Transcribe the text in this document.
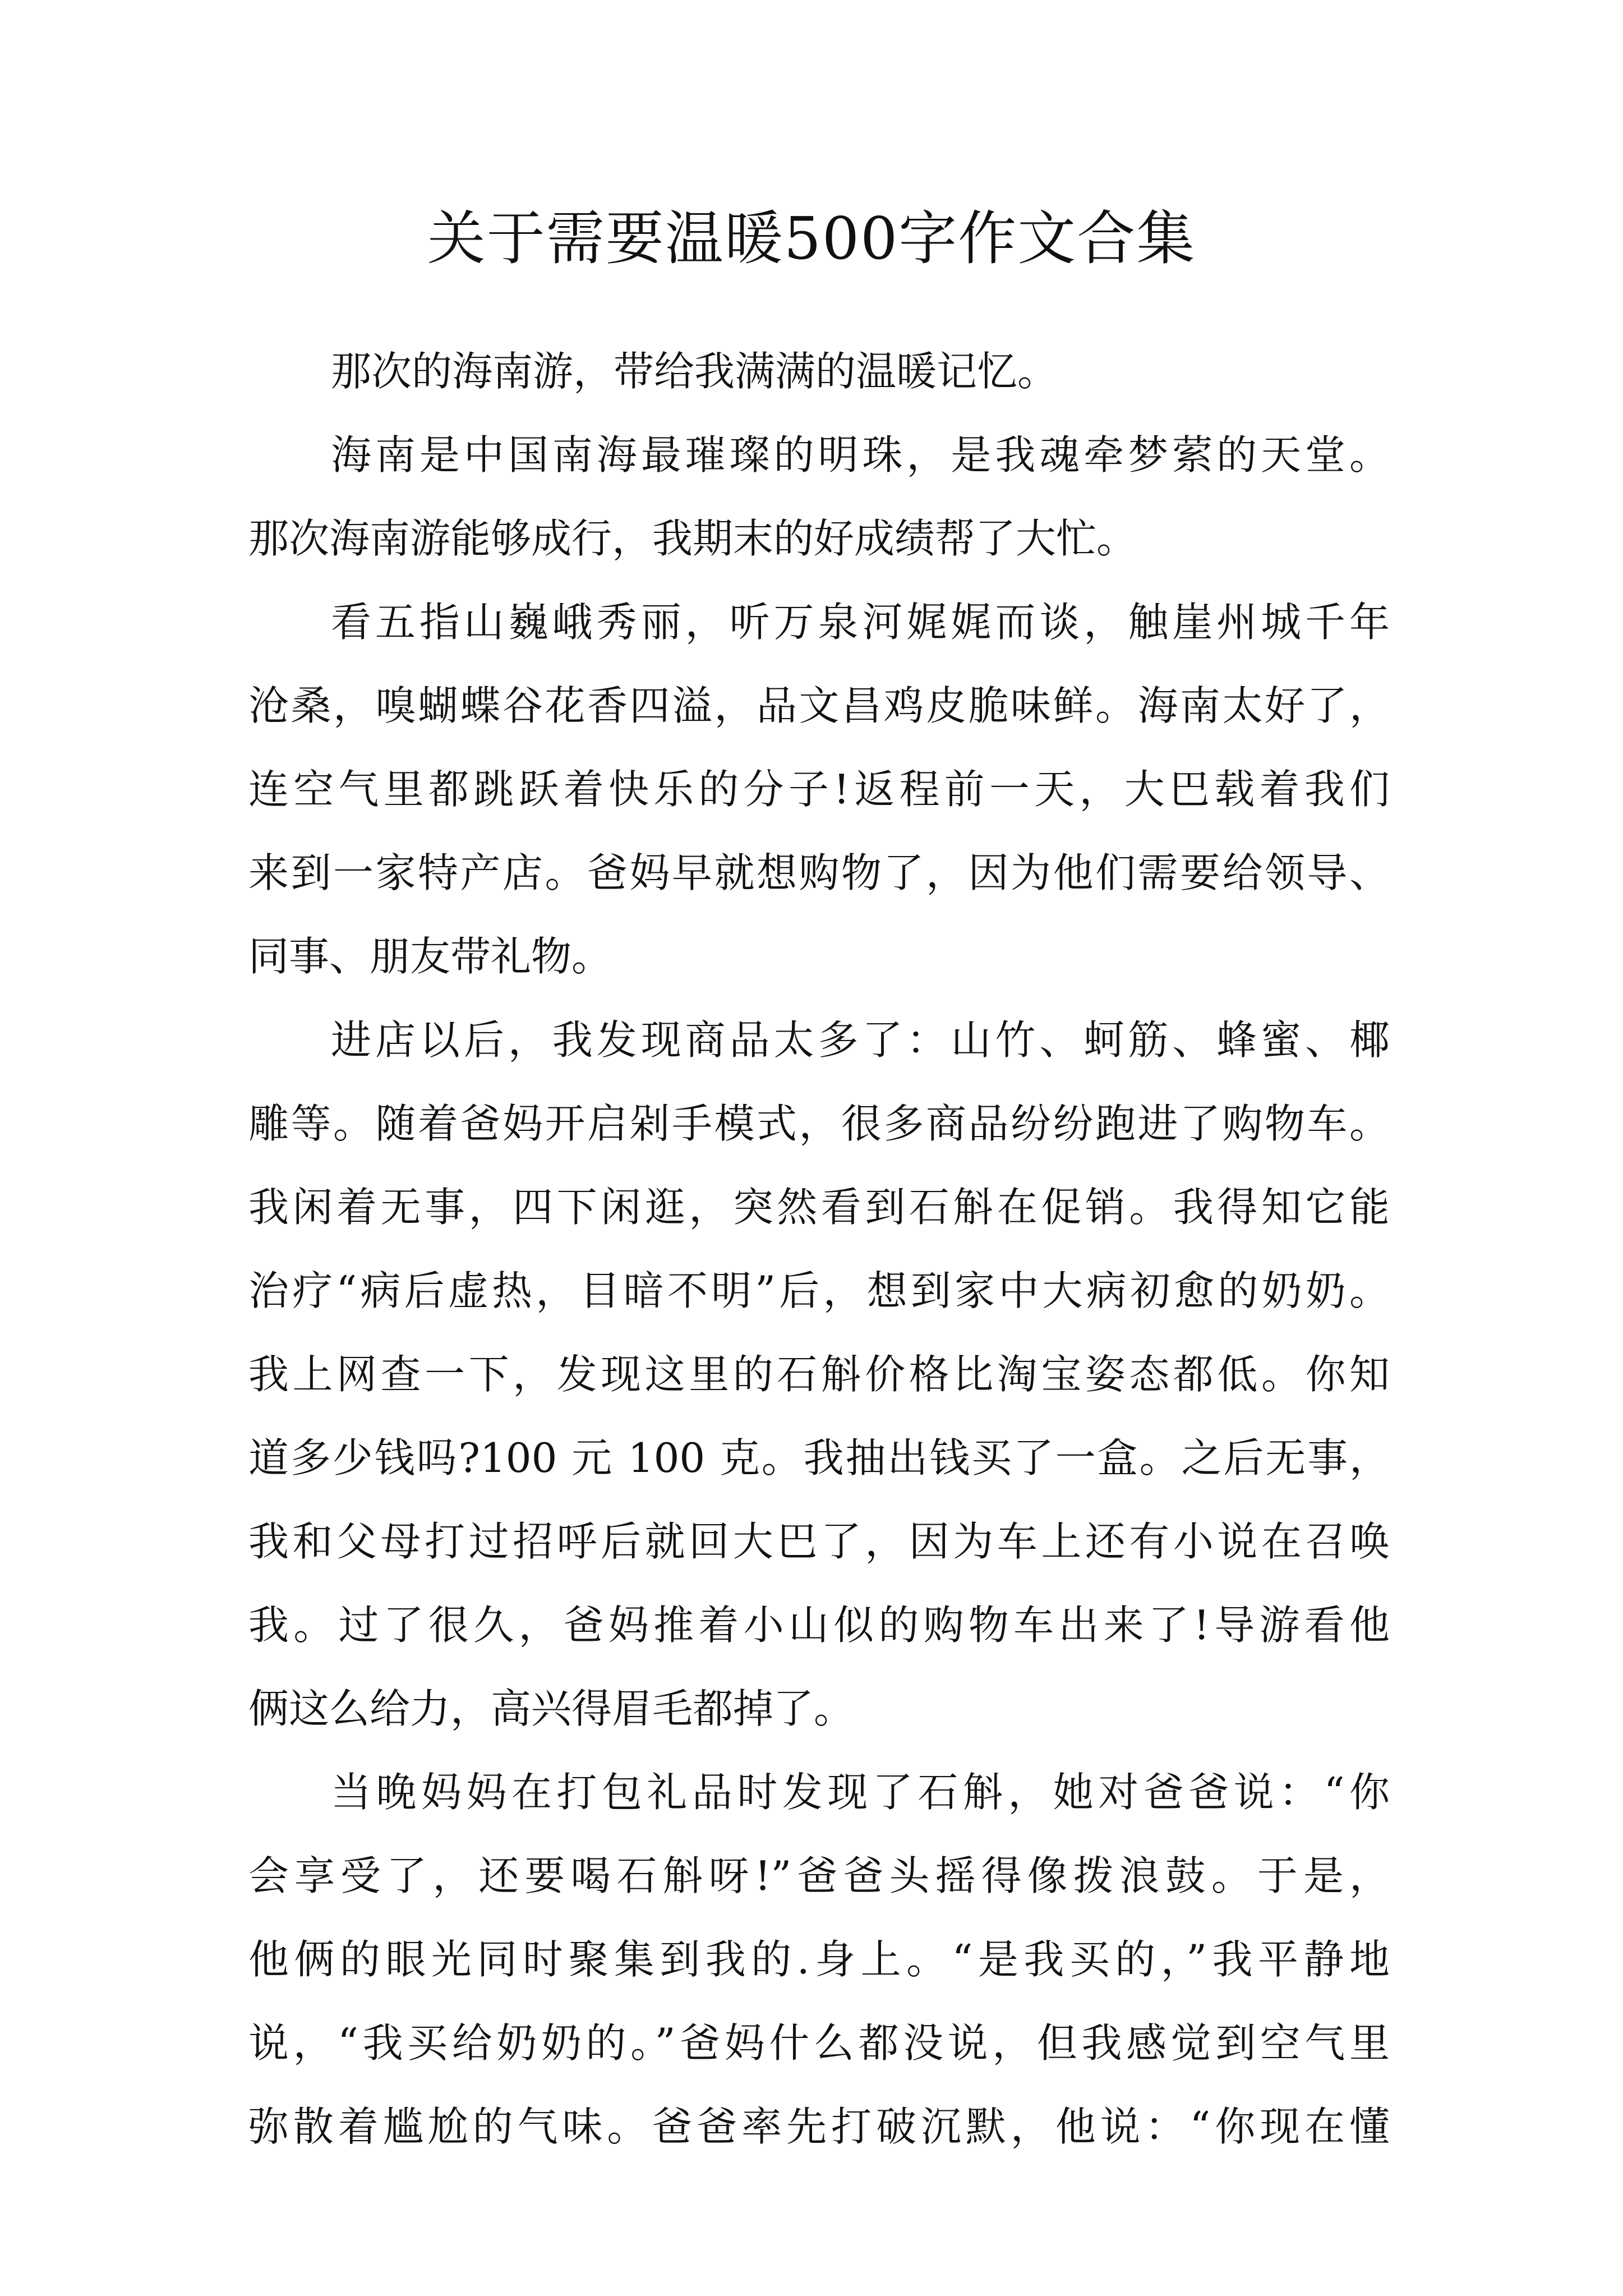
关于需要温暖500字作文合集
那次的海南游，带给我满满的温暖记忆。
海南是中国南海最璀璨的明珠，是我魂牵梦萦的天堂。
那次海南游能够成行，我期末的好成绩帮了大忙。
看五指山巍峨秀丽，听万泉河娓娓而谈，触崖州城千年
沧桑，嗅蝴蝶谷花香四溢，品文昌鸡皮脆味鲜。海南太好了，
连空气里都跳跃着快乐的分子!返程前一天，大巴载着我们
来到一家特产店。爸妈早就想购物了，因为他们需要给领导、
同事、朋友带礼物。
进店以后，我发现商品太多了：山竹、蚵筋、蜂蜜、椰
雕等。随着爸妈开启剁手模式，很多商品纷纷跑进了购物车。
我闲着无事，四下闲逛，突然看到石斛在促销。我得知它能
治疗“病后虚热，目暗不明”后，想到家中大病初愈的奶奶。
我上网查一下，发现这里的石斛价格比淘宝姿态都低。你知
道多少钱吗?100 元 100 克。我抽出钱买了一盒。之后无事，
我和父母打过招呼后就回大巴了，因为车上还有小说在召唤
我。过了很久，爸妈推着小山似的购物车出来了!导游看他
俩这么给力，高兴得眉毛都掉了。
当晚妈妈在打包礼品时发现了石斛，她对爸爸说：“你
会享受了，还要喝石斛呀!”爸爸头摇得像拨浪鼓。于是，
他俩的眼光同时聚集到我的.身上。“是我买的，”我平静地
说，“我买给奶奶的。”爸妈什么都没说，但我感觉到空气里
弥散着尴尬的气味。爸爸率先打破沉默，他说：“你现在懂
